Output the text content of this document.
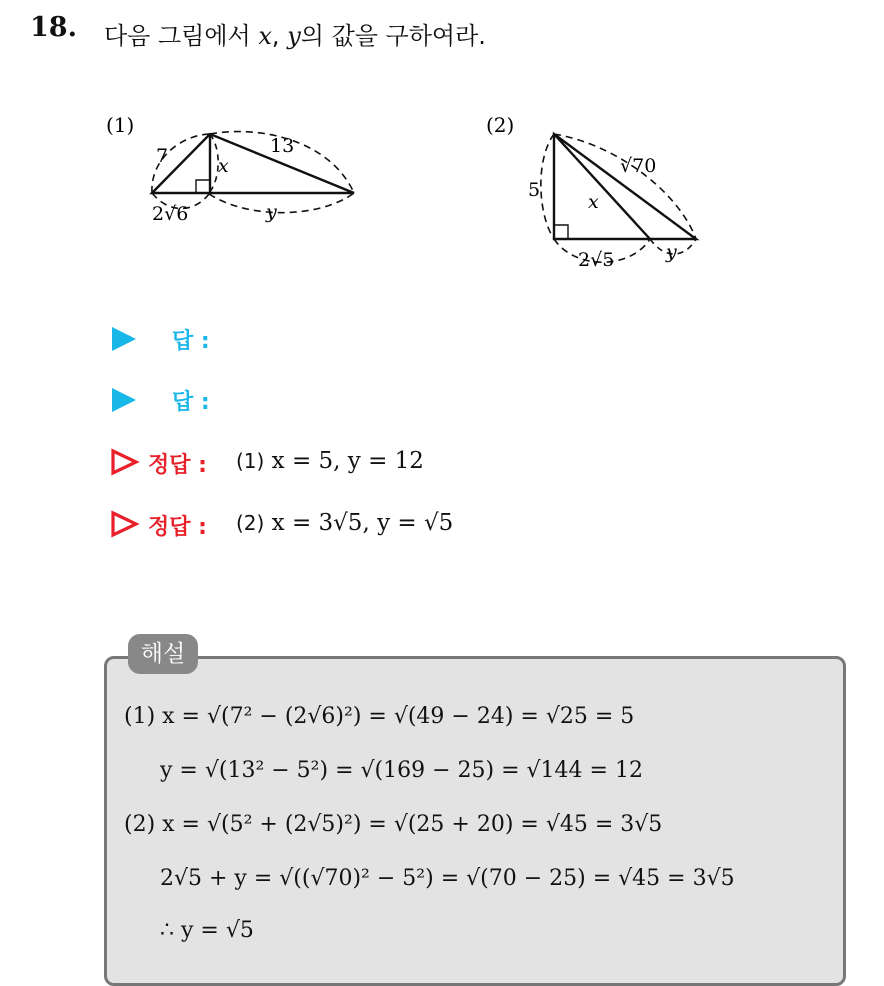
18. 다음 그림에서 x, y의 값을 구하여라.
(1)
7	13
x
2√6	y
(2)
5
√70
x
2√5	y
답 :
답 :
정답 : (1) x = 5, y = 12
정답 : (2) x = 3√5, y = √5
해설
(1) x = √(7² − (2√6)²) = √(49 − 24) = √25 = 5
y = √(13² − 5²) = √(169 − 25) = √144 = 12
(2) x = √(5² + (2√5)²) = √(25 + 20) = √45 = 3√5
2√5 + y = √((√70)² − 5²) = √(70 − 25) = √45 = 3√5
∴ y = √5
